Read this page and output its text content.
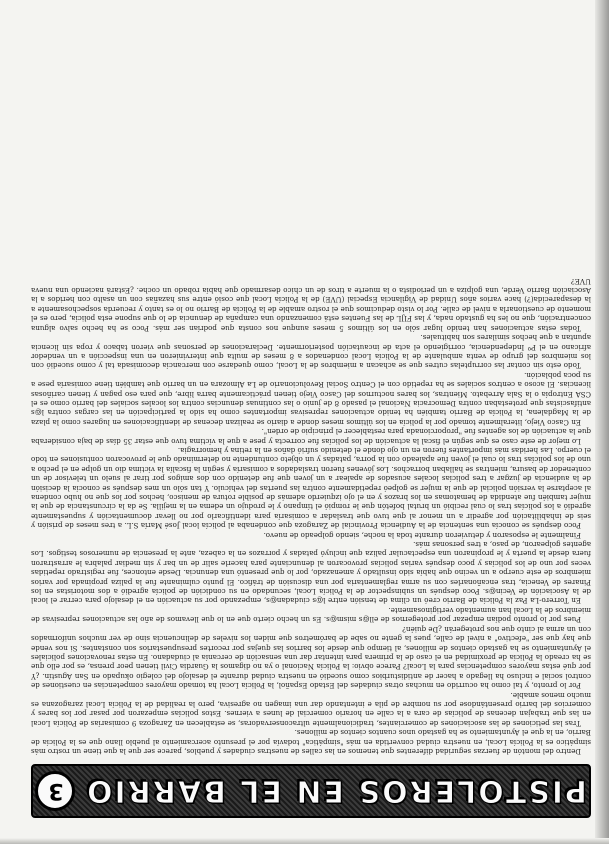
PISTOLEROS EN EL BARRIO
3

Dentro del montón de fuerzas seguridad diferentes que tenemos en las calles de nuestras ciudades y pueblos, parece ser que la que tiene un rostro más simpático es la Policía Local, en nuestra ciudad convertida en más "simpática" todavía por el presunto acercamiento al pueblo llano que es la Policía de Barrio, en la que el Ayuntamiento se ha gastado unos cuantos cientos de millones.

Tras las peticiones de las asociaciones de comerciantes, tradicionalmente ultraconservadoras, se establecen en Zaragoza 9 comisarías de Policía Local en las que trabajan decenas de policías de cara a la calle en horario comercial de lunes a viernes. Estos policías empezaron por pasar por los bares y comercios del barrio presentándose por su nombre de pila e intentando dar una imagen no agresiva, pero la realidad de la Policía Local zaragozana es mucho menos amable.

Por lo pronto, y tal como ha ocurrido en muchas otras ciudades del Estado Español, la Policía Local ha tomado mayores competencias en cuestiones de control social e incluso ha llegado a hacer de antidisturbios como sucedió en nuestra ciudad durante el desalojo del colegio okupado en San Agustín. ¿Y por qué estas mayores competencias para la Local? Parece obvio: la Policía Nacional o ya no digamos la Guardia Civil tienen peor prensa, es por ello que se ha creado la Policía de proximidad en el caso de la primera para intentar dar una sensación de cercanía al ciudadano. En estas renovaciones policiales el Ayuntamiento se ha gastado cientos de millones, al tiempo que desde los barrios las quejas por recortes presupuestarios son constantes. Si nos vende que hay que ser "efectivo" a nivel de calle, pues la gente no sabe de barómetros que miden los niveles de delincuencia sino de ver muchos uniformados con un arma al cinto que nos protegerán ¿De quién?

Pues por lo pronto podían empezar por protegernos de ell@s mism@s. Es un hecho cierto que en lo que llevamos de año las actuaciones represivas de miembros de la Local han aumentado vertiginosamente.

En Torrero-La Paz la Policía de Barrio creó un clima de tensión entre l@s ciudadan@s, empezando por su actuación en el desalojo para cerrar el local de la Asociación de Vecin@s. Poco después un subinspector de la Policía Local, secundado en su condición de policía agredió a dos motoristas en los Pinares de Venecia, tras encañonarles con su arma reglamentaria por una discusión de tráfico. El punto culminante fue la paliza propinada por varios miembros de este cuerpo a un vecino que había sido insultado y amenazado, por lo que presentó una denuncia. Desde entonces, fue registrado repetidas veces por uno de los policías y poco después varias policías provocaron al denunciante para hacerle salir de un bar y sin mediar palabra le arrastraron fuera desde la puerta y le propinaron una espectacular paliza que incluyó patadas y porrazos en la cabeza, ante la presencia de numerosos testigos. Los agentes golpearon, de paso, a tres personas más.

Finalmente le esposaron y detuvieron durante toda la noche, siendo golpeado de nuevo.

Poco después se conocía una sentencia de la Audiencia Provincial de Zaragoza que condenaba al policía local José María S.L. a tres meses de prisión y seis de inhabilitación por agredir a un menor al que tuvo que trasladar a comisaría para identificarlo por no llevar documentación y supuestamente agredió a los policías tras lo cual recibió un brutal bofetón que le rompió el tímpano y le produjo un edema en la mejilla. Se da la circunstancia de que la mujer también fue atendida de hematomas en los brazos y en el ojo izquierdo además de posible rotura de menisco, hechos por los que no hubo condena al aceptarse la versión policial de que la mujer se golpeó repetidamente contra las puertas del vehículo. Y tan sólo un mes después se conocía la decisión de la audiencia de juzgar a tres policías locales acusados de apalear a un joven que fue detenido con dos amigos por tirar al suelo un televisor de un contenedor de basura, mientras se hallaban borrachos. Los jóvenes fueron trasladados a comisaría y según la fiscalía la víctima dio un golpe en el pecho a uno de los policías tras lo cual el joven fue apaleado con la porra, patadas y un objeto contundente no determinado que le provocaron contusiones en todo el cuerpo. Las heridas más importantes fueron en un ojo donde el detenido sufrió daños en la retina y hemorragia.

Lo mejor de este caso es que según el fiscal la actuación de los policías fue correcta y pese a que la víctima tuvo que estar 35 días de baja consideraba que la actuación de los agentes fue "proporcionada para restablecer el principio de orden".

En Casco Viejo, literalmente tomado por la policía en los últimos meses donde a diario se realizan decenas de identificaciones en lugares como la plaza de la Magdalena, la Policía de Barrio también ha tenido actuaciones represivas importantes como ha sido la participación en las cargas contra l@s antifascistas que protestaban contra Democracia Nacional el pasado 8 de junio o las continuas denuncias contra los locales sociales del barrio como es el CSA Entropía o la Sala Arrebato. Mientras, los bares nocturnos del Casco Viejo tienen prácticamente barra libre, que para eso pagan y tienen cariñosas licencias. El acoso a centros sociales se ha repetido con el Centro Social Revolucionario de La Almozara en un barrio que también tiene comisaría pese a su poca población.

Todo esto sin contar las corruptelas cutres que se achacan a miembros de la Local, como quedarse con mercancía decomisada tal y como sucedió con los miembros del grupo de venta ambulante de la Policía Local condenados a 8 meses de multa que intervinieron en una inspección a un vendedor africano en el Pº Independencia, corrigiendo el acta de incautación posteriormente. Declaraciones de personas que vieron tabaco y ropa sin licencia apuntan a que hechos similares son habituales.

Todas estas actuaciones han tenido lugar sólo en los últimos 5 meses aunque nos consta que podrían ser más. Poco se ha hecho salvo alguna concentración, que no les ha gustado nada, y las FIJL de las Fuentes está comenzando una campaña de denuncia de lo que supone esta policía, pero es el momento de cuestionarla a nivel de calle. Por lo visto deducimos que el rostro amable de la Policía de Barrio no lo es tanto y recuerda sospechosamente a la desaparecida(?) hace varios años Unidad de Vigilancia Especial (UVE) de la Policía Local que cosió entre sus hazañas con un asalto con heridos a la Asociación Barrio Verde, una golpiza a un periodista o la muerte a tiros de un chico desarmado que había robado un coche. ¿Estará naciendo una nueva UVE?
